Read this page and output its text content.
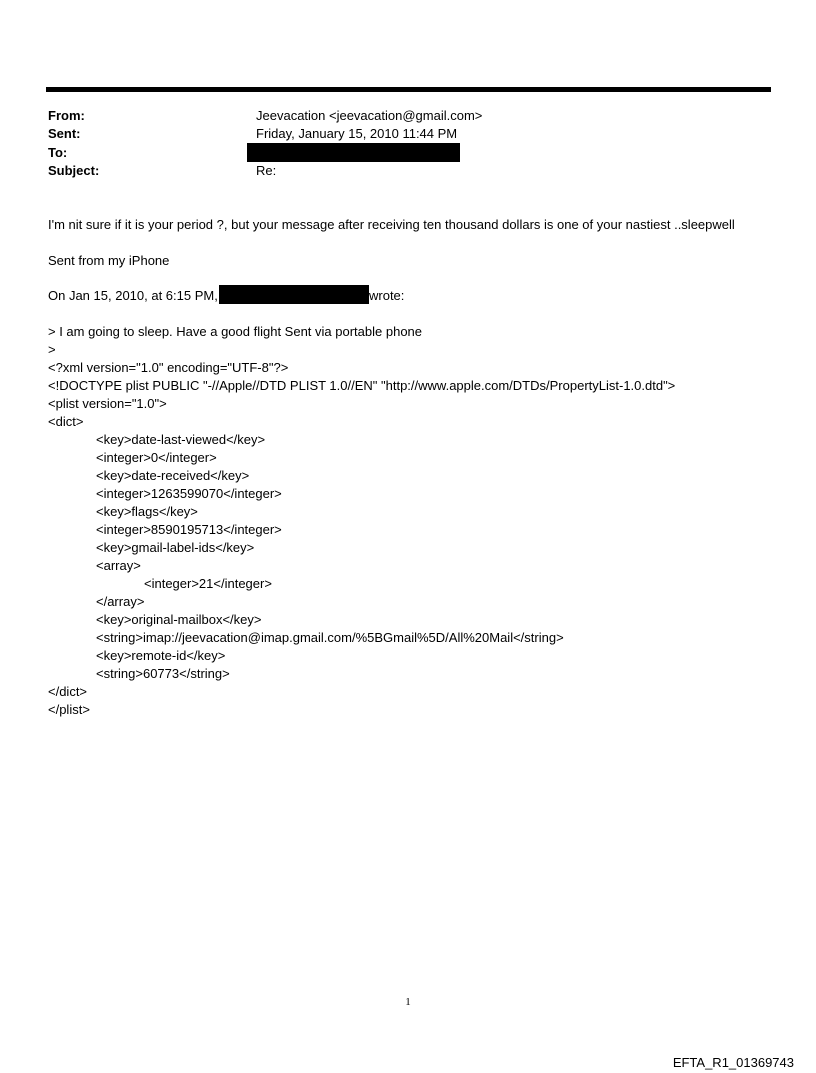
From:	Jeevacation <jeevacation@gmail.com>
Sent:	Friday, January 15, 2010 11:44 PM
To:
Subject:	Re:
I'm nit sure if it is your period ?, but your message after receiving ten thousand dollars is one of your nastiest ..sleepwell
Sent from my iPhone
On Jan 15, 2010, at 6:15 PM,	wrote:
> I am going to sleep. Have a good flight Sent via portable phone
>
<?xml version="1.0" encoding="UTF-8"?>
<!DOCTYPE plist PUBLIC "-//Apple//DTD PLIST 1.0//EN" "http://www.apple.com/DTDs/PropertyList-1.0.dtd">
<plist version="1.0">
<dict>
<key>date-last-viewed</key>
<integer>0</integer>
<key>date-received</key>
<integer>1263599070</integer>
<key>flags</key>
<integer>8590195713</integer>
<key>gmail-label-ids</key>
<array>
<integer>21</integer>
</array>
<key>original-mailbox</key>
<string>imap://jeevacation@imap.gmail.com/%5BGmail%5D/All%20Mail</string>
<key>remote-id</key>
<string>60773</string>
</dict>
</plist>
1
EFTA_R1_01369743
